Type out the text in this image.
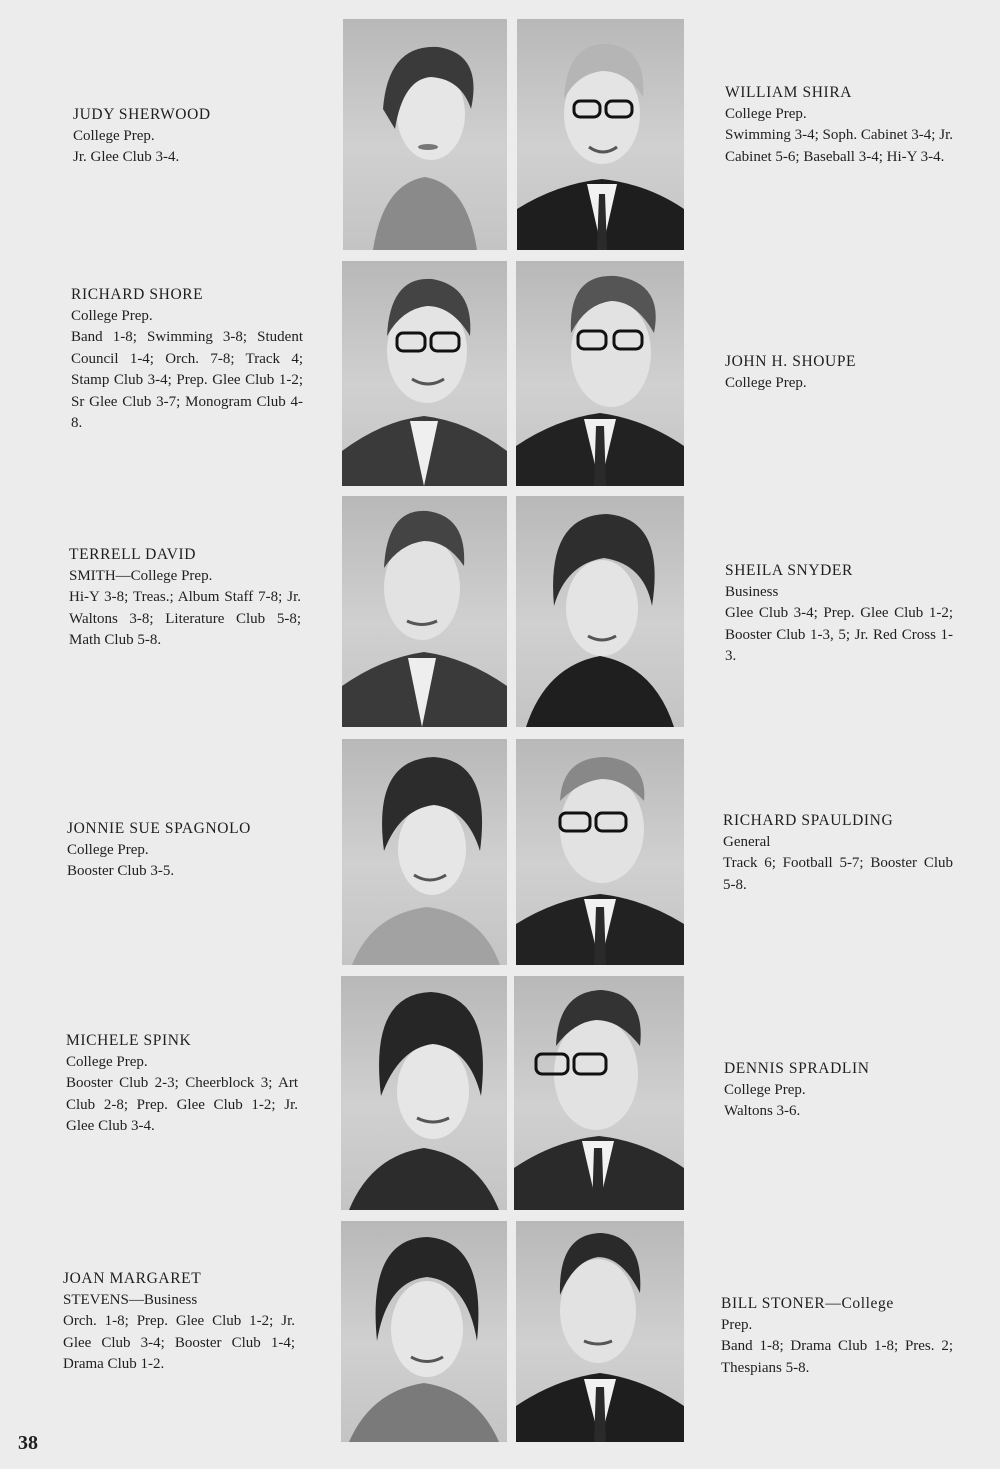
JUDY SHERWOOD
College Prep.
Jr. Glee Club 3-4.
RICHARD SHORE
College Prep.
Band 1-8; Swimming 3-8; Student Council 1-4; Orch. 7-8; Track 4; Stamp Club 3-4; Prep. Glee Club 1-2; Sr Glee Club 3-7; Monogram Club 4-8.
TERRELL DAVID
SMITH—College Prep.
Hi-Y 3-8; Treas.; Album Staff 7-8; Jr. Waltons 3-8; Literature Club 5-8; Math Club 5-8.
JONNIE SUE SPAGNOLO
College Prep.
Booster Club 3-5.
MICHELE SPINK
College Prep.
Booster Club 2-3; Cheerblock 3; Art Club 2-8; Prep. Glee Club 1-2; Jr. Glee Club 3-4.
JOAN MARGARET
STEVENS—Business
Orch. 1-8; Prep. Glee Club 1-2; Jr. Glee Club 3-4; Booster Club 1-4; Drama Club 1-2.
WILLIAM SHIRA
College Prep.
Swimming 3-4; Soph. Cabinet 3-4; Jr. Cabinet 5-6; Baseball 3-4; Hi-Y 3-4.
JOHN H. SHOUPE
College Prep.
SHEILA SNYDER
Business
Glee Club 3-4; Prep. Glee Club 1-2; Booster Club 1-3, 5; Jr. Red Cross 1-3.
RICHARD SPAULDING
General
Track 6; Football 5-7; Booster Club 5-8.
DENNIS SPRADLIN
College Prep.
Waltons 3-6.
BILL STONER—College
Prep.
Band 1-8; Drama Club 1-8; Pres. 2; Thespians 5-8.
38
